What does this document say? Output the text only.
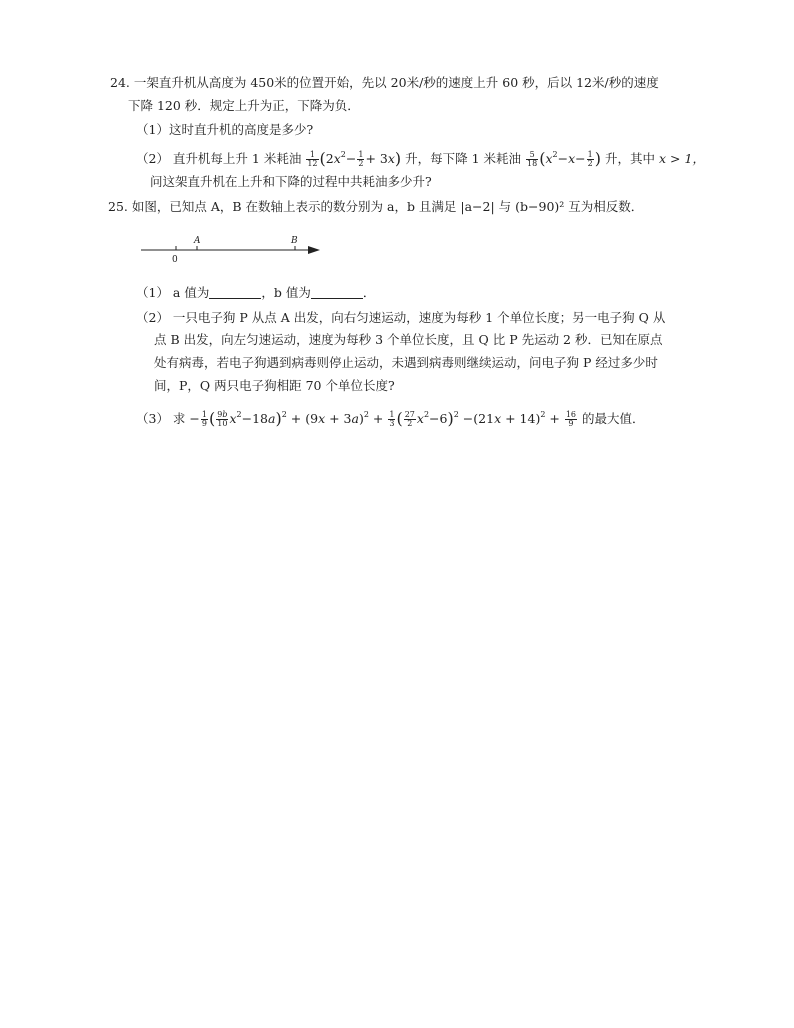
24. 一架直升机从高度为 450米的位置开始，先以 20米/秒的速度上升 60 秒，后以 12米/秒的速度
下降 120 秒．规定上升为正，下降为负．
（1）这时直升机的高度是多少?
（2） 直升机每上升 1 米耗油 $\frac{1}{12} (2x^2- \frac{1}{2} + 3x)$ 升，每下降 1 米耗油 $\frac{5}{18} (x^2-x- \frac{1}{2}$ ) 升，其中 x > 1，
问这架直升机在上升和下降的过程中共耗油多少升?
25. 如图，已知点 A，B 在数轴上表示的数分别为 a，b 且满足 |a−2| 与 (b−90)² 互为相反数．
0
A	B
（1） a 值为	，b 值为	．
（2） 一只电子狗 P 从点 A 出发，向右匀速运动，速度为每秒 1 个单位长度；另一电子狗 Q 从
点 B 出发，向左匀速运动，速度为每秒 3 个单位长度，且 Q 比 P 先运动 2 秒．已知在原点
处有病毒，若电子狗遇到病毒则停止运动，未遇到病毒则继续运动，问电子狗 P 经过多少时
间，P，Q 两只电子狗相距 70 个单位长度?
（3） 求 − $\frac{1}{9}$ ( $\frac{9b}{10} x^2-18a)^2 + (9x + 3a)^2 + \frac{1}{3}$ ( $\frac{27}{2} x^2-6)^2 -(21x + 14)^2 + \frac{16}{9}$ 的最大值．
